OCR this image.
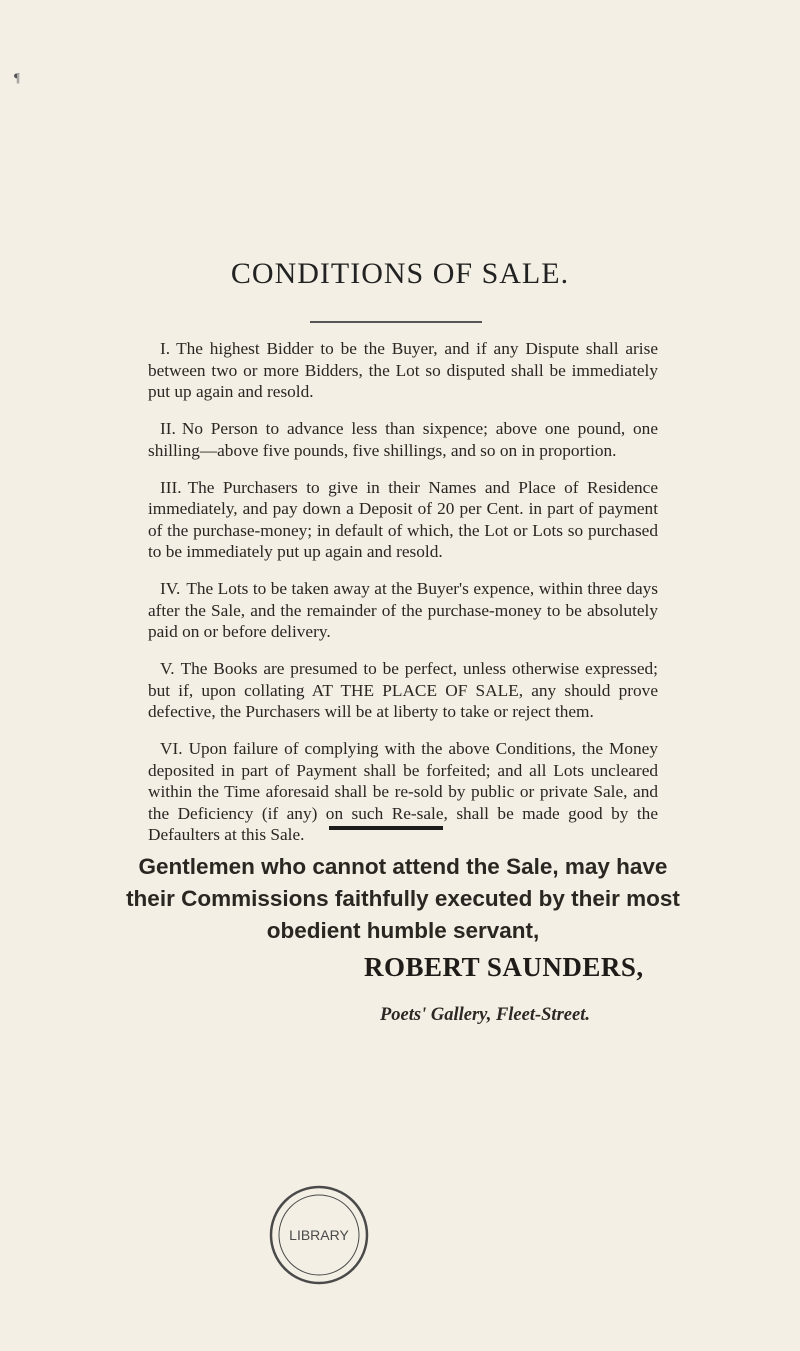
¶
CONDITIONS OF SALE.

I. The highest Bidder to be the Buyer, and if any Dispute shall arise between two or more Bidders, the Lot so disputed shall be immediately put up again and resold.

II. No Person to advance less than sixpence; above one pound, one shilling—above five pounds, five shillings, and so on in proportion.

III. The Purchasers to give in their Names and Place of Residence immediately, and pay down a Deposit of 20 per Cent. in part of payment of the purchase-money; in default of which, the Lot or Lots so purchased to be immediately put up again and resold.

IV. The Lots to be taken away at the Buyer's expence, within three days after the Sale, and the remainder of the purchase-money to be absolutely paid on or before delivery.

V. The Books are presumed to be perfect, unless otherwise expressed; but if, upon collating AT THE PLACE OF SALE, any should prove defective, the Purchasers will be at liberty to take or reject them.

VI. Upon failure of complying with the above Conditions, the Money deposited in part of Payment shall be forfeited; and all Lots uncleared within the Time aforesaid shall be re-sold by public or private Sale, and the Deficiency (if any) on such Re-sale, shall be made good by the Defaulters at this Sale.

Gentlemen who cannot attend the Sale, may have their Commissions faithfully executed by their most obedient humble servant,
ROBERT SAUNDERS,
Poets' Gallery, Fleet-Street.
LIBRARY
